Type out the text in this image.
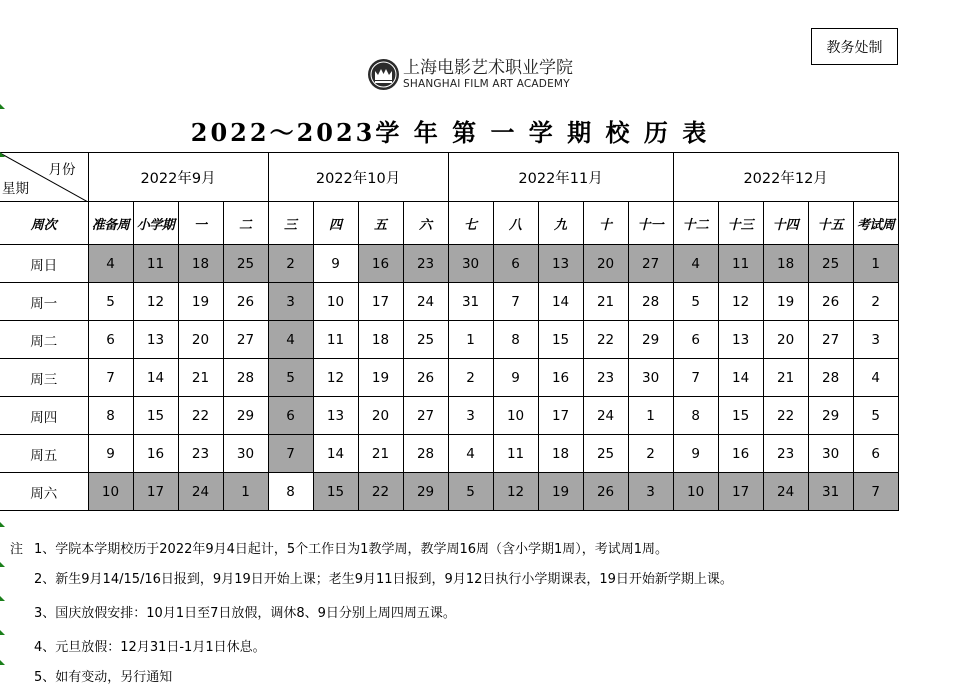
教务处制
上海电影艺术职业学院
SHANGHAI FILM ART ACADEMY
2022～2023学 年 第 一 学 期 校 历 表
月份
星期	2022年9月				2022年10月				2022年11月					2022年12月				
周次	准备周	小学期	一	二	三	四	五	六	七	八	九	十	十一	十二	十三	十四	十五	考试周
周日	4	11	18	25	2	9	16	23	30	6	13	20	27	4	11	18	25	1
周一	5	12	19	26	3	10	17	24	31	7	14	21	28	5	12	19	26	2
周二	6	13	20	27	4	11	18	25	1	8	15	22	29	6	13	20	27	3
周三	7	14	21	28	5	12	19	26	2	9	16	23	30	7	14	21	28	4
周四	8	15	22	29	6	13	20	27	3	10	17	24	1	8	15	22	29	5
周五	9	16	23	30	7	14	21	28	4	11	18	25	2	9	16	23	30	6
周六	10	17	24	1	8	15	22	29	5	12	19	26	3	10	17	24	31	7
注 1、学院本学期校历于2022年9月4日起计，5个工作日为1教学周，教学周16周（含小学期1周），考试周1周。
2、新生9月14/15/16日报到，9月19日开始上课；老生9月11日报到，9月12日执行小学期课表，19日开始新学期上课。
3、国庆放假安排：10月1日至7日放假，调休8、9日分别上周四周五课。
4、元旦放假：12月31日-1月1日休息。
5、如有变动，另行通知
